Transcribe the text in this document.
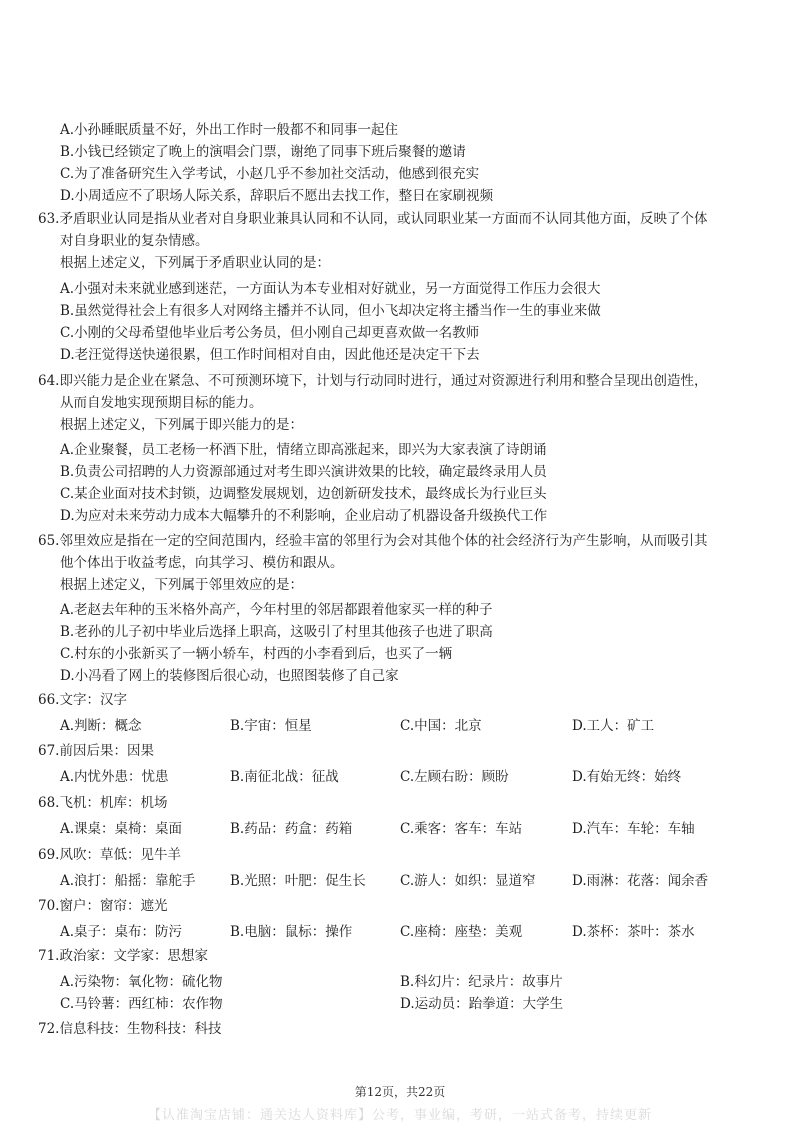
A.小孙睡眠质量不好，外出工作时一般都不和同事一起住
B.小钱已经锁定了晚上的演唱会门票，谢绝了同事下班后聚餐的邀请
C.为了准备研究生入学考试，小赵几乎不参加社交活动，他感到很充实
D.小周适应不了职场人际关系，辞职后不愿出去找工作，整日在家刷视频
63.矛盾职业认同是指从业者对自身职业兼具认同和不认同，或认同职业某一方面而不认同其他方面，反映了个体
对自身职业的复杂情感。
根据上述定义，下列属于矛盾职业认同的是：
A.小强对未来就业感到迷茫，一方面认为本专业相对好就业，另一方面觉得工作压力会很大
B.虽然觉得社会上有很多人对网络主播并不认同，但小飞却决定将主播当作一生的事业来做
C.小刚的父母希望他毕业后考公务员，但小刚自己却更喜欢做一名教师
D.老汪觉得送快递很累，但工作时间相对自由，因此他还是决定干下去
64.即兴能力是企业在紧急、不可预测环境下，计划与行动同时进行，通过对资源进行利用和整合呈现出创造性，
从而自发地实现预期目标的能力。
根据上述定义，下列属于即兴能力的是：
A.企业聚餐，员工老杨一杯酒下肚，情绪立即高涨起来，即兴为大家表演了诗朗诵
B.负责公司招聘的人力资源部通过对考生即兴演讲效果的比较，确定最终录用人员
C.某企业面对技术封锁，边调整发展规划，边创新研发技术，最终成长为行业巨头
D.为应对未来劳动力成本大幅攀升的不利影响，企业启动了机器设备升级换代工作
65.邻里效应是指在一定的空间范围内，经验丰富的邻里行为会对其他个体的社会经济行为产生影响，从而吸引其
他个体出于收益考虑，向其学习、模仿和跟从。
根据上述定义，下列属于邻里效应的是：
A.老赵去年种的玉米格外高产，今年村里的邻居都跟着他家买一样的种子
B.老孙的儿子初中毕业后选择上职高，这吸引了村里其他孩子也进了职高
C.村东的小张新买了一辆小轿车，村西的小李看到后，也买了一辆
D.小冯看了网上的装修图后很心动，也照图装修了自己家
66.文字：汉字
A.判断：概念	B.宇宙：恒星	C.中国：北京	D.工人：矿工
67.前因后果：因果
A.内忧外患：忧患	B.南征北战：征战	C.左顾右盼：顾盼	D.有始无终：始终
68.飞机：机库：机场
A.课桌：桌椅：桌面	B.药品：药盒：药箱	C.乘客：客车：车站	D.汽车：车轮：车轴
69.风吹：草低：见牛羊
A.浪打：船摇：靠舵手	B.光照：叶肥：促生长	C.游人：如织：显道窄	D.雨淋：花落：闻余香
70.窗户：窗帘：遮光
A.桌子：桌布：防污	B.电脑：鼠标：操作	C.座椅：座垫：美观	D.茶杯：茶叶：茶水
71.政治家：文学家：思想家
A.污染物：氧化物：硫化物	B.科幻片：纪录片：故事片
C.马铃薯：西红柿：农作物	D.运动员：跆拳道：大学生
72.信息科技：生物科技：科技
第12页，共22页
【认准淘宝店铺：通关达人资料库】公考，事业编，考研，一站式备考，持续更新
